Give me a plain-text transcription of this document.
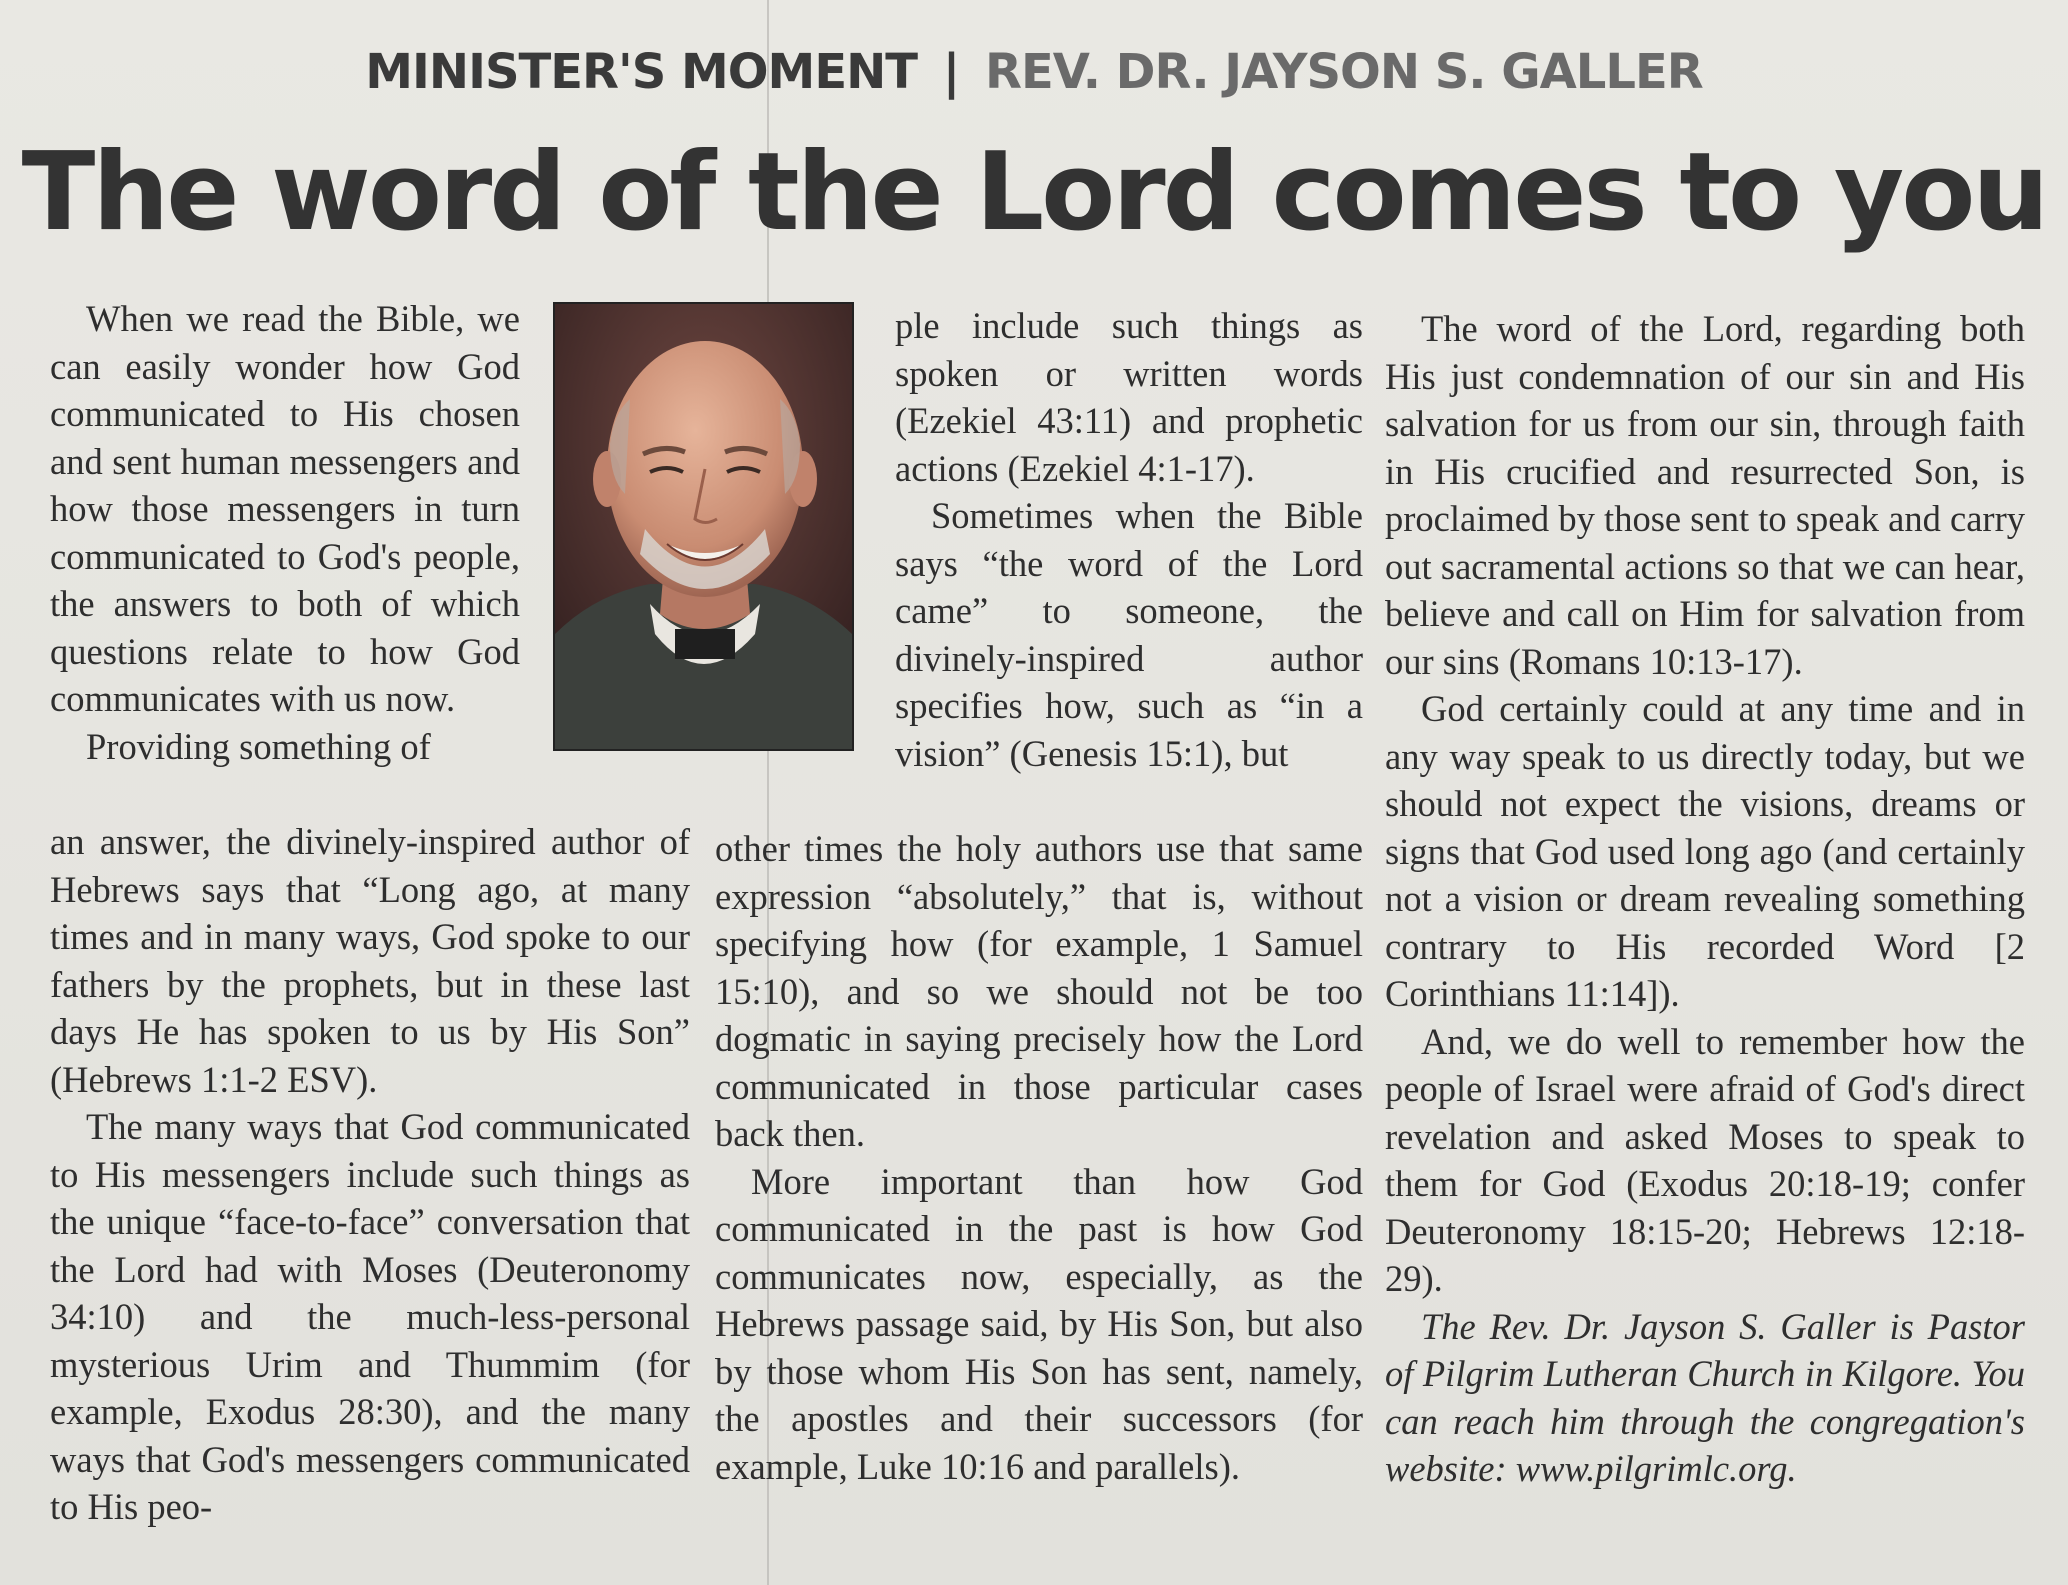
MINISTER'S MOMENT | REV. DR. JAYSON S. GALLER
The word of the Lord comes to you

When we read the Bible, we can easily wonder how God communicated to His chosen and sent human messengers and how those messengers in turn communicated to God's people, the answers to both of which questions relate to how God communicates with us now.

Providing something of

an answer, the divinely-inspired author of Hebrews says that “Long ago, at many times and in many ways, God spoke to our fathers by the prophets, but in these last days He has spoken to us by His Son” (Hebrews 1:1-2 ESV).

The many ways that God communicated to His messengers include such things as the unique “face-to-face” conversation that the Lord had with Moses (Deuteronomy 34:10) and the much-less-personal mysterious Urim and Thummim (for example, Exodus 28:30), and the many ways that God's messengers communicated to His peo-

ple include such things as spoken or written words (Ezekiel 43:11) and prophetic actions (Ezekiel 4:1-17).

Sometimes when the Bible says “the word of the Lord came” to someone, the divinely-inspired author specifies how, such as “in a vision” (Genesis 15:1), but

other times the holy authors use that same expression “absolutely,” that is, without specifying how (for example, 1 Samuel 15:10), and so we should not be too dogmatic in saying precisely how the Lord communicated in those particular cases back then.

More important than how God communicated in the past is how God communicates now, especially, as the Hebrews passage said, by His Son, but also by those whom His Son has sent, namely, the apostles and their successors (for example, Luke 10:16 and parallels).

The word of the Lord, regarding both His just condemnation of our sin and His salvation for us from our sin, through faith in His crucified and resurrected Son, is proclaimed by those sent to speak and carry out sacramental actions so that we can hear, believe and call on Him for salvation from our sins (Romans 10:13-17).

God certainly could at any time and in any way speak to us directly today, but we should not expect the visions, dreams or signs that God used long ago (and certainly not a vision or dream revealing something contrary to His recorded Word [2 Corinthians 11:14]).

And, we do well to remember how the people of Israel were afraid of God's direct revelation and asked Moses to speak to them for God (Exodus 20:18-19; confer Deuteronomy 18:15-20; Hebrews 12:18-29).

The Rev. Dr. Jayson S. Galler is Pastor of Pilgrim Lutheran Church in Kilgore. You can reach him through the congregation's website: www.pilgrimlc.org.
